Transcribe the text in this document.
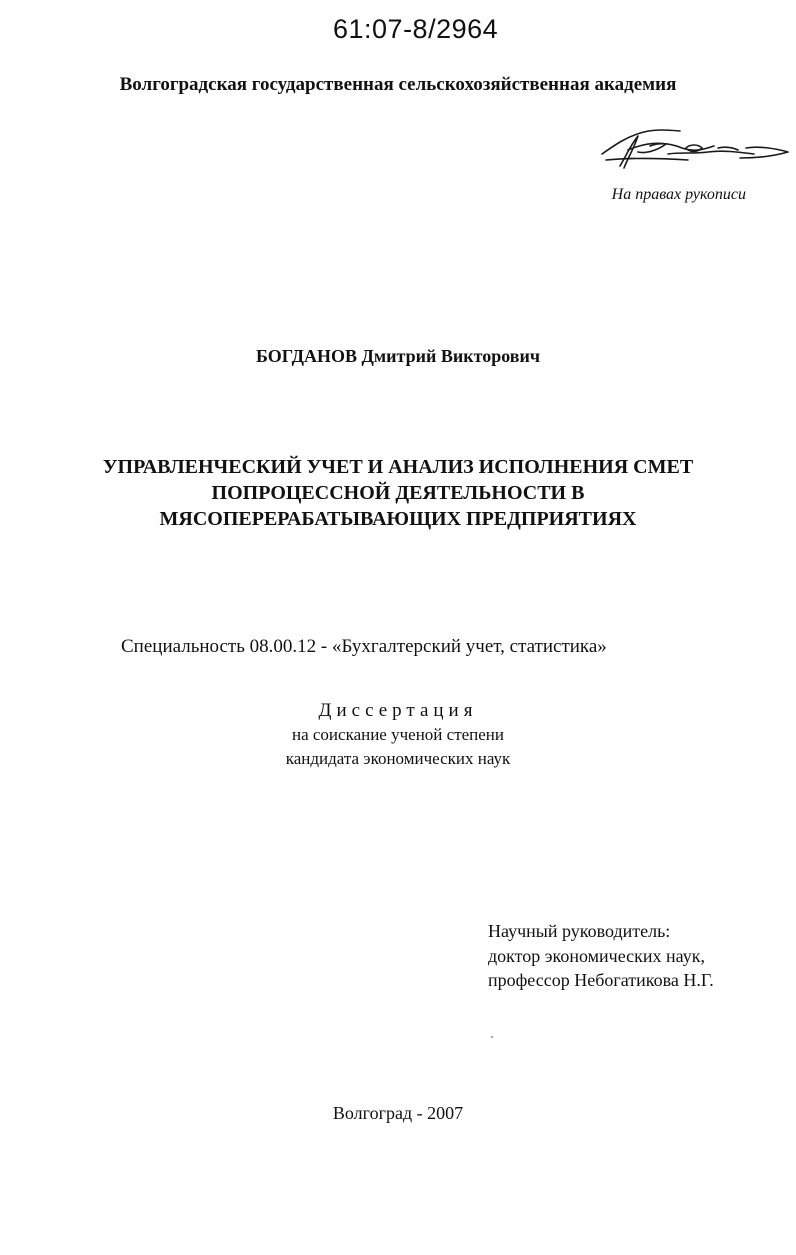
61:07-8/2964

Волгоградская государственная сельскохозяйственная академия

На правах рукописи

БОГДАНОВ Дмитрий Викторович

УПРАВЛЕНЧЕСКИЙ УЧЕТ И АНАЛИЗ ИСПОЛНЕНИЯ СМЕТ

ПОПРОЦЕССНОЙ ДЕЯТЕЛЬНОСТИ В

МЯСОПЕРЕРАБАТЫВАЮЩИХ ПРЕДПРИЯТИЯХ

Специальность 08.00.12 - «Бухгалтерский учет, статистика»

Диссертация

на соискание ученой степени

кандидата экономических наук

Научный руководитель:

доктор экономических наук,

профессор Небогатикова Н.Г.

Волгоград - 2007
